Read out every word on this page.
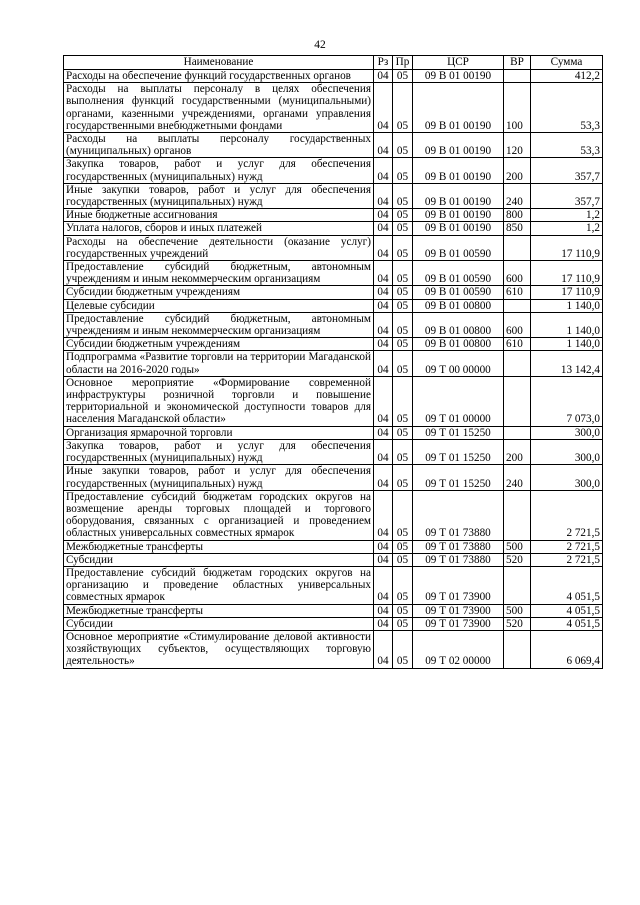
42
Наименование	Рз	Пр	ЦСР	ВР	Сумма
Расходы на обеспечение функций государственных органов	04	05	09 В 01 00190		412,2
Расходы на выплаты персоналу в целях обеспечения выполнения функций государственными (муниципальными) органами, казенными учреждениями, органами управления государственными внебюджетными фондами	04	05	09 В 01 00190	100	53,3
Расходы на выплаты персоналу государственных (муниципальных) органов	04	05	09 В 01 00190	120	53,3
Закупка товаров, работ и услуг для обеспечения государственных (муниципальных) нужд	04	05	09 В 01 00190	200	357,7
Иные закупки товаров, работ и услуг для обеспечения государственных (муниципальных) нужд	04	05	09 В 01 00190	240	357,7
Иные бюджетные ассигнования	04	05	09 В 01 00190	800	1,2
Уплата налогов, сборов и иных платежей	04	05	09 В 01 00190	850	1,2
Расходы на обеспечение деятельности (оказание услуг) государственных учреждений	04	05	09 В 01 00590		17 110,9
Предоставление субсидий бюджетным, автономным учреждениям и иным некоммерческим организациям	04	05	09 В 01 00590	600	17 110,9
Субсидии бюджетным учреждениям	04	05	09 В 01 00590	610	17 110,9
Целевые субсидии	04	05	09 В 01 00800		1 140,0
Предоставление субсидий бюджетным, автономным учреждениям и иным некоммерческим организациям	04	05	09 В 01 00800	600	1 140,0
Субсидии бюджетным учреждениям	04	05	09 В 01 00800	610	1 140,0
Подпрограмма «Развитие торговли на территории Магаданской области на 2016-2020 годы»	04	05	09 Т 00 00000		13 142,4
Основное мероприятие «Формирование современной инфраструктуры розничной торговли и повышение территориальной и экономической доступности товаров для населения Магаданской области»	04	05	09 Т 01 00000		7 073,0
Организация ярмарочной торговли	04	05	09 Т 01 15250		300,0
Закупка товаров, работ и услуг для обеспечения государственных (муниципальных) нужд	04	05	09 Т 01 15250	200	300,0
Иные закупки товаров, работ и услуг для обеспечения государственных (муниципальных) нужд	04	05	09 Т 01 15250	240	300,0
Предоставление субсидий бюджетам городских округов на возмещение аренды торговых площадей и торгового оборудования, связанных с организацией и проведением областных универсальных совместных ярмарок	04	05	09 Т 01 73880		2 721,5
Межбюджетные трансферты	04	05	09 Т 01 73880	500	2 721,5
Субсидии	04	05	09 Т 01 73880	520	2 721,5
Предоставление субсидий бюджетам городских округов на организацию и проведение областных универсальных совместных ярмарок	04	05	09 Т 01 73900		4 051,5
Межбюджетные трансферты	04	05	09 Т 01 73900	500	4 051,5
Субсидии	04	05	09 Т 01 73900	520	4 051,5
Основное мероприятие «Стимулирование деловой активности хозяйствующих субъектов, осуществляющих торговую деятельность»	04	05	09 Т 02 00000		6 069,4
